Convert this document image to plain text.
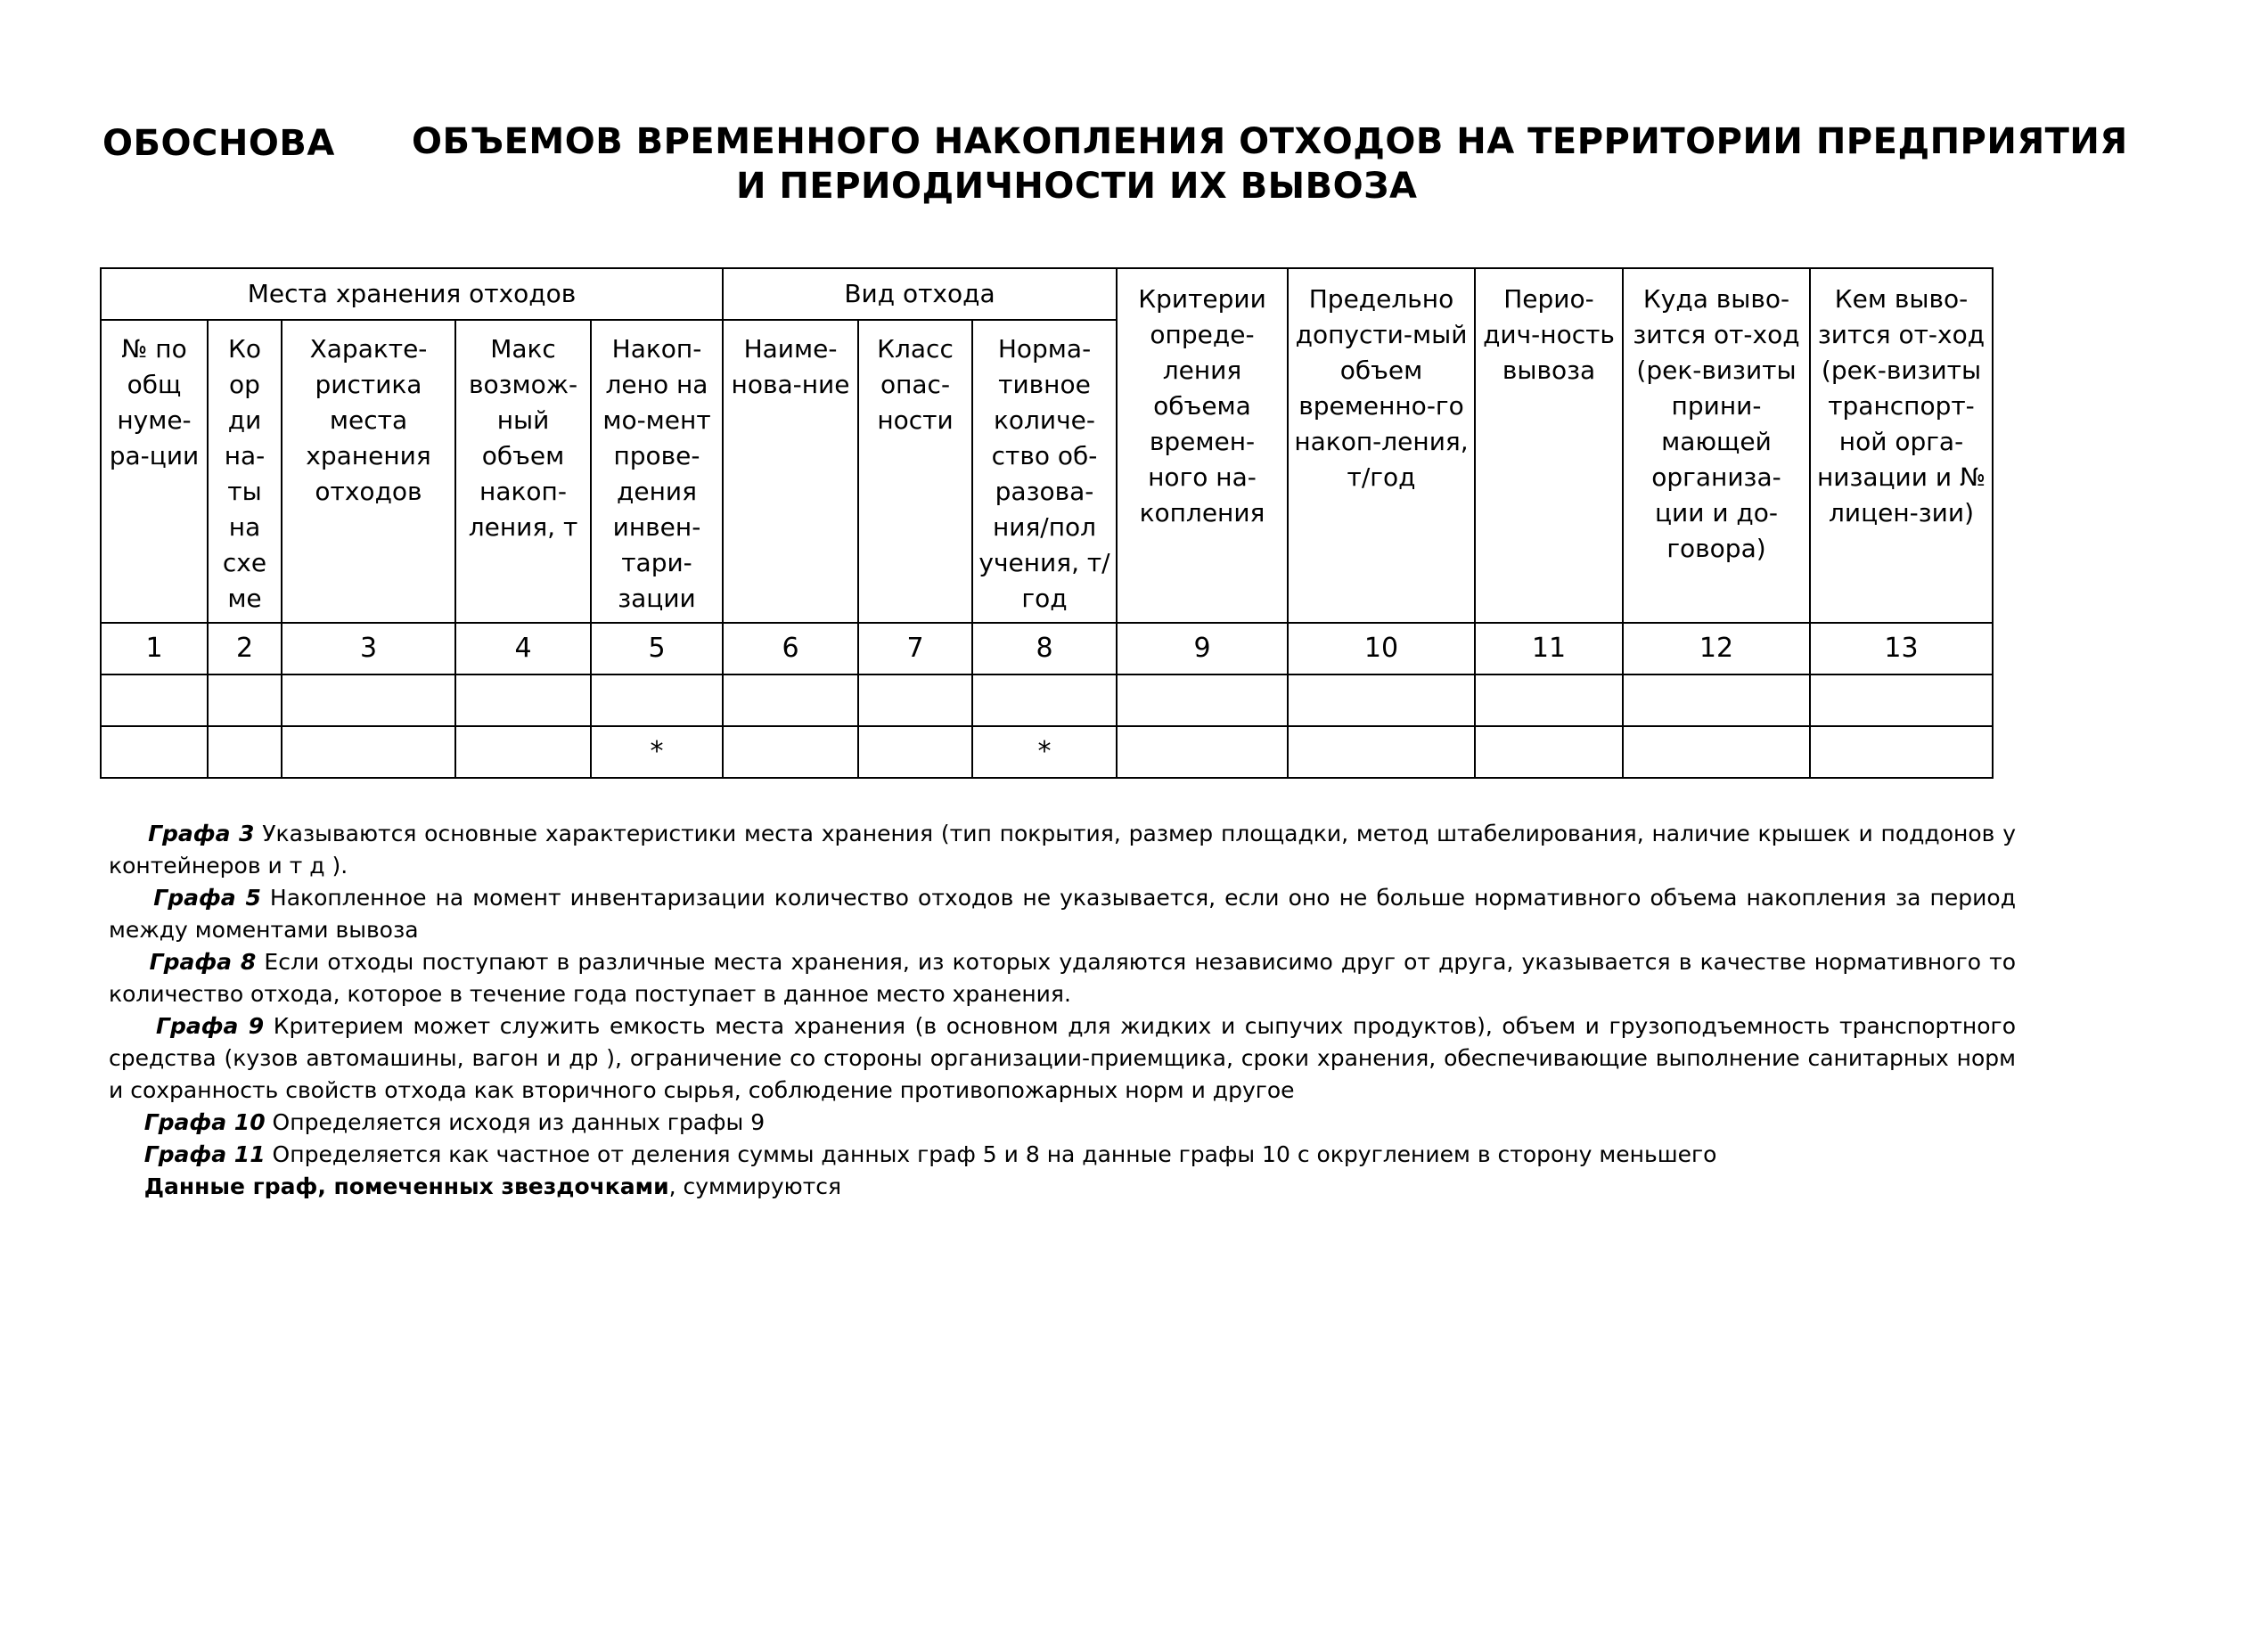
ОБОСНОВА ОБЪЕМОВ ВРЕМЕННОГО НАКОПЛЕНИЯ ОТХОДОВ НА ТЕРРИТОРИИ ПРЕДПРИЯТИЯ
И ПЕРИОДИЧНОСТИ ИХ ВЫВОЗА
Места хранения отходов					Вид отхода			Критерии опреде-ления объема времен-ного на-копления	Предельно допусти-мый объем временно-го накоп-ления, т/год	Перио-дич-ность вывоза	Куда выво-зится от-ход (рек-визиты прини-мающей организа-ции и до-говора)	Кем выво-зится от-ход (рек-визиты транспорт-ной орга-низации и № лицен-зии)
№ по общ нуме-ра-ции	Ко ор ди на-ты на схе ме	Характе-ристика места хранения отходов	Макс возмож-ный объем накоп-ления, т	Накоп-лено на мо-мент прове-дения инвен-тари-зации	Наиме-нова-ние	Класс опас-ности	Норма-тивное количе-ство об-разова-ния/пол учения, т/год					
1	2	3	4	5	6	7	8	9	10	11	12	13

				*			*					

Графа 3 Указываются основные характеристики места хранения (тип покрытия, размер площадки, метод штабелирования, наличие крышек и поддонов у контейнеров и т д ).

Графа 5 Накопленное на момент инвентаризации количество отходов не указывается, если оно не больше нормативного объема накопления за период между моментами вывоза

Графа 8 Если отходы поступают в различные места хранения, из которых удаляются независимо друг от друга, указывается в качестве нормативного то количество отхода, которое в течение года поступает в данное место хранения.

Графа 9 Критерием может служить емкость места хранения (в основном для жидких и сыпучих продуктов), объем и грузоподъемность транспортного средства (кузов автомашины, вагон и др ), ограничение со стороны организации-приемщика, сроки хранения, обеспечивающие выполнение санитарных норм и сохранность свойств отхода как вторичного сырья, соблюдение противопожарных норм и другое

Графа 10 Определяется исходя из данных графы 9

Графа 11 Определяется как частное от деления суммы данных граф 5 и 8 на данные графы 10 с округлением в сторону меньшего

Данные граф, помеченных звездочками, суммируются
